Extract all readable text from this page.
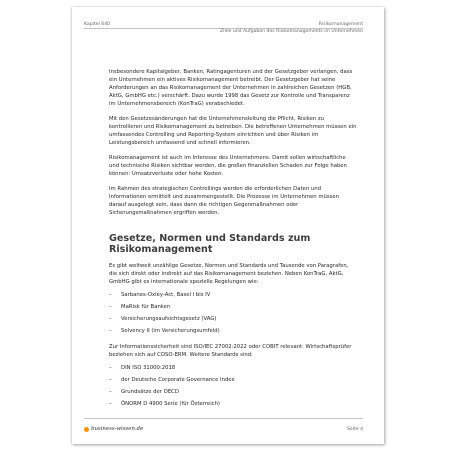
Kapitel 640	Risikomanagement
Ziele und Aufgaben des Risikomanagements im Unternehmen

Insbesondere Kapitalgeber, Banken, Ratingagenturen und der Gesetzgeber verlangen, dass ein Unternehmen ein aktives Risikomanagement betreibt. Der Gesetzgeber hat seine Anforderungen an das Risikomanagement der Unternehmen in zahlreichen Gesetzen (HGB, AktG, GmbHG etc.) verschärft. Dazu wurde 1998 das Gesetz zur Kontrolle und Transparenz im Unternehmensbereich (KonTraG) verabschiedet.

Mit den Gesetzesänderungen hat die Unternehmensleitung die Pflicht, Risiken zu kontrollieren und Risikomanagement zu betreiben. Die betroffenen Unternehmen müssen ein umfassendes Controlling und Reporting-System einrichten und über Risiken im Leistungsbereich umfassend und schnell informieren.

Risikomanagement ist auch im Interesse des Unternehmens. Damit sollen wirtschaftliche und technische Risiken sichtbar werden, die großen finanziellen Schaden zur Folge haben können: Umsatzverluste oder hohe Kosten.

Im Rahmen des strategischen Controllings werden die erforderlichen Daten und Informationen ermittelt und zusammengestellt. Die Prozesse im Unternehmen müssen darauf ausgelegt sein, dass dann die richtigen Gegenmaßnahmen oder Sicherungsmaßnahmen ergriffen werden.

Gesetze, Normen und Standards zum Risikomanagement

Es gibt weltweit unzählige Gesetze, Normen und Standards und Tausende von Paragrafen, die sich direkt oder indirekt auf das Risikomanagement beziehen. Neben KonTraG, AktG, GmbHG gibt es internationale spezielle Regelungen wie:

– Sarbanes-Oxley-Act, Basel I bis IV
– MaRisk für Banken
– Versicherungsaufsichtsgesetz (VAG)
– Solvency II (im Versicherungsumfeld)

Zur Informationssicherheit sind ISO/IEC 27002:2022 oder COBIT relevant. Wirtschaftsprüfer beziehen sich auf COSO-ERM. Weitere Standards sind:

– DIN ISO 31000:2018
– der Deutsche Corporate Governance Index
– Grundsätze der OECD
– ÖNORM D 4900 Serie (für Österreich)
business-wissen.de	Seite 4
